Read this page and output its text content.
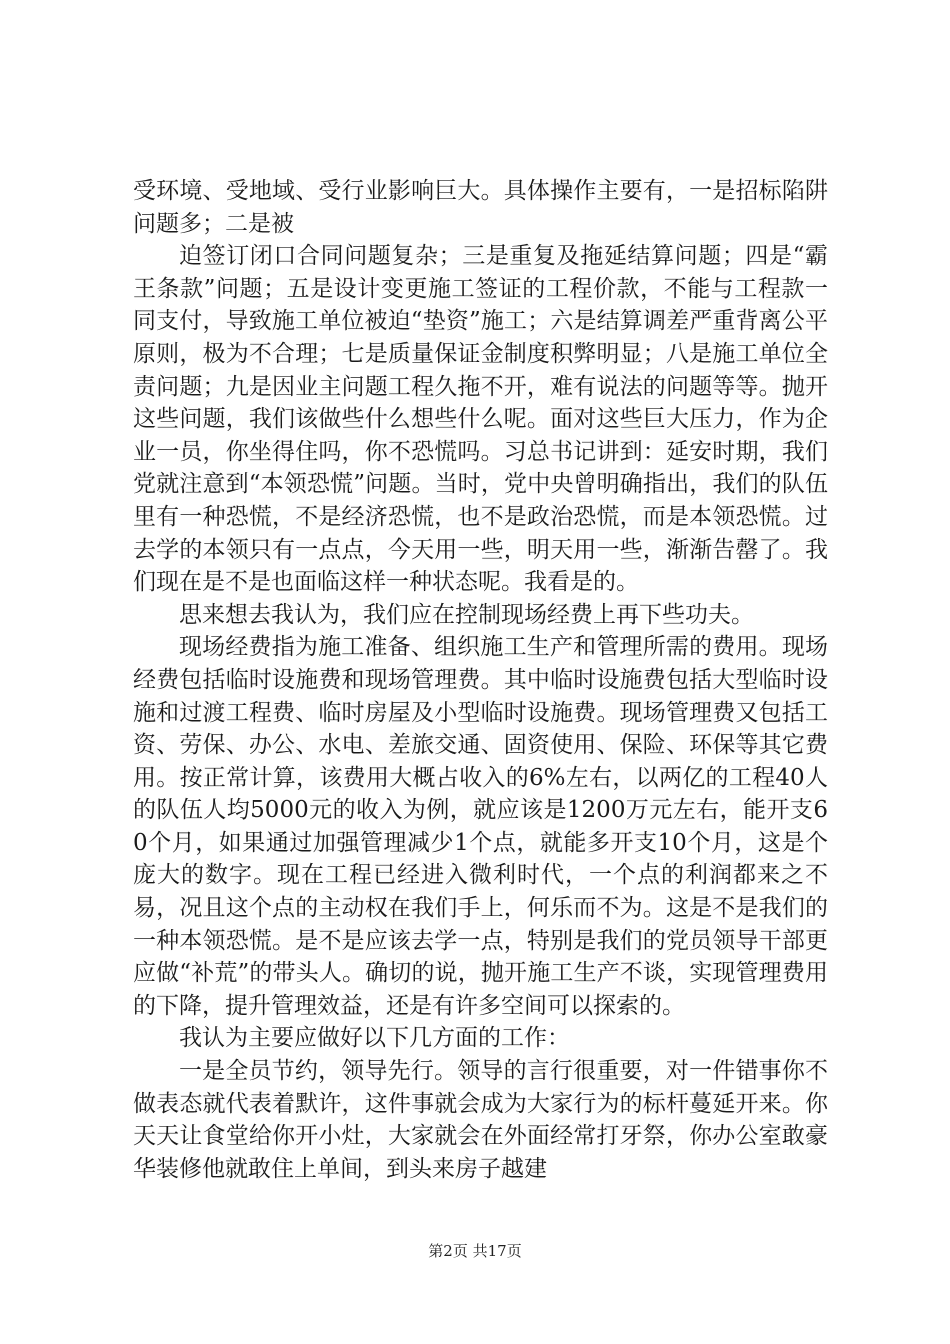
受环境、受地域、受行业影响巨大。具体操作主要有，一是招标陷阱问题多；二是被

迫签订闭口合同问题复杂；三是重复及拖延结算问题；四是“霸王条款”问题；五是设计变更施工签证的工程价款，不能与工程款一同支付，导致施工单位被迫“垫资”施工；六是结算调差严重背离公平原则，极为不合理；七是质量保证金制度积弊明显；八是施工单位全责问题；九是因业主问题工程久拖不开，难有说法的问题等等。抛开这些问题，我们该做些什么想些什么呢。面对这些巨大压力，作为企业一员，你坐得住吗，你不恐慌吗。习总书记讲到：延安时期，我们党就注意到“本领恐慌”问题。当时，党中央曾明确指出，我们的队伍里有一种恐慌，不是经济恐慌，也不是政治恐慌，而是本领恐慌。过去学的本领只有一点点，今天用一些，明天用一些，渐渐告罄了。我们现在是不是也面临这样一种状态呢。我看是的。

思来想去我认为，我们应在控制现场经费上再下些功夫。

现场经费指为施工准备、组织施工生产和管理所需的费用。现场经费包括临时设施费和现场管理费。其中临时设施费包括大型临时设施和过渡工程费、临时房屋及小型临时设施费。现场管理费又包括工资、劳保、办公、水电、差旅交通、固资使用、保险、环保等其它费用。按正常计算，该费用大概占收入的6%左右，以两亿的工程40人的队伍人均5000元的收入为例，就应该是1200万元左右，能开支60个月，如果通过加强管理减少1个点，就能多开支10个月，这是个庞大的数字。现在工程已经进入微利时代，一个点的利润都来之不易，况且这个点的主动权在我们手上，何乐而不为。这是不是我们的一种本领恐慌。是不是应该去学一点，特别是我们的党员领导干部更应做“补荒”的带头人。确切的说，抛开施工生产不谈，实现管理费用的下降，提升管理效益，还是有许多空间可以探索的。

我认为主要应做好以下几方面的工作：

一是全员节约，领导先行。领导的言行很重要，对一件错事你不做表态就代表着默许，这件事就会成为大家行为的标杆蔓延开来。你天天让食堂给你开小灶，大家就会在外面经常打牙祭，你办公室敢豪华装修他就敢住上单间，到头来房子越建

第2页 共17页
